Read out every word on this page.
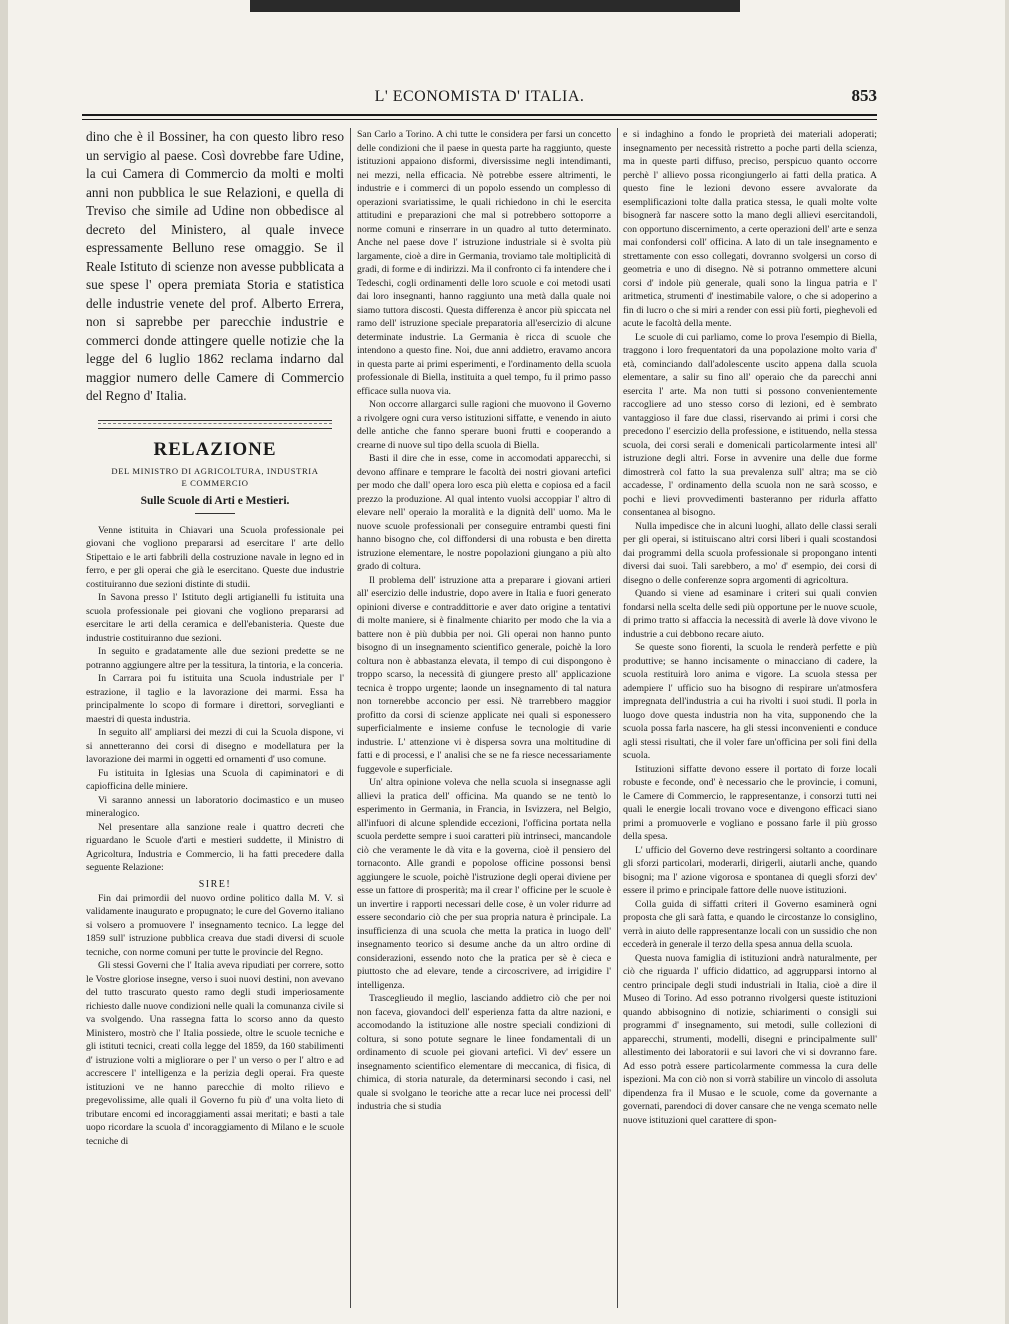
L' ECONOMISTA D' ITALIA.	853

dino che è il Bossiner, ha con questo libro reso un servigio al paese. Così dovrebbe fare Udine, la cui Camera di Commercio da molti e molti anni non pubblica le sue Relazioni, e quella di Treviso che simile ad Udine non obbedisce al decreto del Ministero, al quale invece espressamente Belluno rese omaggio. Se il Reale Istituto di scienze non avesse pubblicata a sue spese l' opera premiata Storia e statistica delle industrie venete del prof. Alberto Errera, non si saprebbe per parecchie industrie e commerci donde attingere quelle notizie che la legge del 6 luglio 1862 reclama indarno dal maggior numero delle Camere di Commercio del Regno d' Italia.

RELAZIONE
DEL MINISTRO DI AGRICOLTURA, INDUSTRIA
E COMMERCIO
Sulle Scuole di Arti e Mestieri.

Venne istituita in Chiavari una Scuola professionale pei giovani che vogliono prepararsi ad esercitare l' arte dello Stipettaio e le arti fabbrili della costruzione navale in legno ed in ferro, e per gli operai che già le esercitano. Queste due industrie costituiranno due sezioni distinte di studii.

In Savona presso l' Istituto degli artigianelli fu istituita una scuola professionale pei giovani che vogliono prepararsi ad esercitare le arti della ceramica e dell'ebanisteria. Queste due industrie costituiranno due sezioni.

In seguito e gradatamente alle due sezioni predette se ne potranno aggiungere altre per la tessitura, la tintoria, e la conceria.

In Carrara poi fu istituita una Scuola industriale per l' estrazione, il taglio e la lavorazione dei marmi. Essa ha principalmente lo scopo di formare i direttori, sorveglianti e maestri di questa industria.

In seguito all' ampliarsi dei mezzi di cui la Scuola dispone, vi si annetteranno dei corsi di disegno e modellatura per la lavorazione dei marmi in oggetti ed ornamenti d' uso comune.

Fu istituita in Iglesias una Scuola di capiminatori e di capiofficina delle miniere.

Vi saranno annessi un laboratorio docimastico e un museo mineralogico.

Nel presentare alla sanzione reale i quattro decreti che riguardano le Scuole d'arti e mestieri suddette, il Ministro di Agricoltura, Industria e Commercio, li ha fatti precedere dalla seguente Relazione:

SIRE!

Fin dai primordii del nuovo ordine politico dalla M. V. sì validamente inaugurato e propugnato; le cure del Governo italiano si volsero a promuovere l' insegnamento tecnico. La legge del 1859 sull' istruzione pubblica creava due stadi diversi di scuole tecniche, con norme comuni per tutte le provincie del Regno.

Gli stessi Governi che l' Italia aveva ripudiati per correre, sotto le Vostre gloriose insegne, verso i suoi nuovi destini, non avevano del tutto trascurato questo ramo degli studi imperiosamente richiesto dalle nuove condizioni nelle quali la comunanza civile si va svolgendo. Una rassegna fatta lo scorso anno da questo Ministero, mostrò che l' Italia possiede, oltre le scuole tecniche e gli istituti tecnici, creati colla legge del 1859, da 160 stabilimenti d' istruzione volti a migliorare o per l' un verso o per l' altro e ad accrescere l' intelligenza e la perizia degli operai. Fra queste istituzioni ve ne hanno parecchie di molto rilievo e pregevolissime, alle quali il Governo fu più d' una volta lieto di tributare encomi ed incoraggiamenti assai meritati; e basti a tale uopo ricordare la scuola d' incoraggiamento di Milano e le scuole tecniche di

San Carlo a Torino. A chi tutte le considera per farsi un concetto delle condizioni che il paese in questa parte ha raggiunto, queste istituzioni appaiono disformi, diversissime negli intendimanti, nei mezzi, nella efficacia. Nè potrebbe essere altrimenti, le industrie e i commerci di un popolo essendo un complesso di operazioni svariatissime, le quali richiedono in chi le esercita attitudini e preparazioni che mal si potrebbero sottoporre a norme comuni e rinserrare in un quadro al tutto determinato. Anche nel paese dove l' istruzione industriale si è svolta più largamente, cioè a dire in Germania, troviamo tale moltiplicità di gradi, di forme e di indirizzi. Ma il confronto ci fa intendere che i Tedeschi, cogli ordinamenti delle loro scuole e coi metodi usati dai loro insegnanti, hanno raggiunto una metà dalla quale noi siamo tuttora discosti. Questa differenza è ancor più spiccata nel ramo dell' istruzione speciale preparatoria all'esercizio di alcune determinate industrie. La Germania è ricca di scuole che intendono a questo fine. Noi, due anni addietro, eravamo ancora in questa parte ai primi esperimenti, e l'ordinamento della scuola professionale di Biella, instituita a quel tempo, fu il primo passo efficace sulla nuova via.

Non occorre allargarci sulle ragioni che muovono il Governo a rivolgere ogni cura verso istituzioni siffatte, e venendo in aiuto delle antiche che fanno sperare buoni frutti e cooperando a crearne di nuove sul tipo della scuola di Biella.

Basti il dire che in esse, come in accomodati apparecchi, si devono affinare e temprare le facoltà dei nostri giovani artefici per modo che dall' opera loro esca più eletta e copiosa ed a facil prezzo la produzione. Al qual intento vuolsi accoppiar l' altro di elevare nell' operaio la moralità e la dignità dell' uomo. Ma le nuove scuole professionali per conseguire entrambi questi fini hanno bisogno che, col diffondersi di una robusta e ben diretta istruzione elementare, le nostre popolazioni giungano a più alto grado di coltura.

Il problema dell' istruzione atta a preparare i giovani artieri all' esercizio delle industrie, dopo avere in Italia e fuori generato opinioni diverse e contraddittorie e aver dato origine a tentativi di molte maniere, si è finalmente chiarito per modo che la via a battere non è più dubbia per noi. Gli operai non hanno punto bisogno di un insegnamento scientifico generale, poichè la loro coltura non è abbastanza elevata, il tempo di cui dispongono è troppo scarso, la necessità di giungere presto all' applicazione tecnica è troppo urgente; laonde un insegnamento di tal natura non tornerebbe acconcio per essi. Nè trarrebbero maggior profitto da corsi di scienze applicate nei quali si esponessero superficialmente e insieme confuse le tecnologie di varie industrie. L' attenzione vi è dispersa sovra una moltitudine di fatti e di processi, e l' analisi che se ne fa riesce necessariamente fuggevole e superficiale.

Un' altra opinione voleva che nella scuola si insegnasse agli allievi la pratica dell' officina. Ma quando se ne tentò lo esperimento in Germania, in Francia, in Isvizzera, nel Belgio, all'infuori di alcune splendide eccezioni, l'officina portata nella scuola perdette sempre i suoi caratteri più intrinseci, mancandole ciò che veramente le dà vita e la governa, cioè il pensiero del tornaconto. Alle grandi e popolose officine possonsi bensì aggiungere le scuole, poichè l'istruzione degli operai diviene per esse un fattore di prosperità; ma il crear l' officine per le scuole è un invertire i rapporti necessari delle cose, è un voler ridurre ad essere secondario ciò che per sua propria natura è principale. La insufficienza di una scuola che metta la pratica in luogo dell' insegnamento teorico si desume anche da un altro ordine di considerazioni, essendo noto che la pratica per sè è cieca e piuttosto che ad elevare, tende a circoscrivere, ad irrigidire l' intelligenza.

Trasceglieudo il meglio, lasciando addietro ciò che per noi non faceva, giovandoci dell' esperienza fatta da altre nazioni, e accomodando la istituzione alle nostre speciali condizioni di coltura, si sono potute segnare le linee fondamentali di un ordinamento di scuole pei giovani artefici. Vi dev' essere un insegnamento scientifico elementare di meccanica, di fisica, di chimica, di storia naturale, da determinarsi secondo i casi, nel quale si svolgano le teoriche atte a recar luce nei processi dell' industria che si studia

e si indaghino a fondo le proprietà dei materiali adoperati; insegnamento per necessità ristretto a poche parti della scienza, ma in queste parti diffuso, preciso, perspicuo quanto occorre perchè l' allievo possa ricongiungerlo ai fatti della pratica. A questo fine le lezioni devono essere avvalorate da esemplificazioni tolte dalla pratica stessa, le quali molte volte bisognerà far nascere sotto la mano degli allievi esercitandoli, con opportuno discernimento, a certe operazioni dell' arte e senza mai confondersi coll' officina. A lato di un tale insegnamento e strettamente con esso collegati, dovranno svolgersi un corso di geometria e uno di disegno. Nè si potranno ommettere alcuni corsi d' indole più generale, quali sono la lingua patria e l' aritmetica, strumenti d' inestimabile valore, o che si adoperino a fin di lucro o che si miri a render con essi più forti, pieghevoli ed acute le facoltà della mente.

Le scuole di cui parliamo, come lo prova l'esempio di Biella, traggono i loro frequentatori da una popolazione molto varia d' età, cominciando dall'adolescente uscito appena dalla scuola elementare, a salir su fino all' operaio che da parecchi anni esercita l' arte. Ma non tutti si possono convenientemente raccogliere ad uno stesso corso di lezioni, ed è sembrato vantaggioso il fare due classi, riservando ai primi i corsi che precedono l' esercizio della professione, e istituendo, nella stessa scuola, dei corsi serali e domenicali particolarmente intesi all' istruzione degli altri. Forse in avvenire una delle due forme dimostrerà col fatto la sua prevalenza sull' altra; ma se ciò accadesse, l' ordinamento della scuola non ne sarà scosso, e pochi e lievi provvedimenti basteranno per ridurla affatto consentanea al bisogno.

Nulla impedisce che in alcuni luoghi, allato delle classi serali per gli operai, si istituiscano altri corsi liberi i quali scostandosi dai programmi della scuola professionale si propongano intenti diversi dai suoi. Tali sarebbero, a mo' d' esempio, dei corsi di disegno o delle conferenze sopra argomenti di agricoltura.

Quando si viene ad esaminare i criteri sui quali convien fondarsi nella scelta delle sedi più opportune per le nuove scuole, di primo tratto si affaccia la necessità di averle là dove vivono le industrie a cui debbono recare aiuto.

Se queste sono fiorenti, la scuola le renderà perfette e più produttive; se hanno incisamente o minacciano di cadere, la scuola restituirà loro anima e vigore. La scuola stessa per adempiere l' ufficio suo ha bisogno di respirare un'atmosfera impregnata dell'industria a cui ha rivolti i suoi studi. Il porla in luogo dove questa industria non ha vita, supponendo che la scuola possa farla nascere, ha gli stessi inconvenienti e conduce agli stessi risultati, che il voler fare un'officina per soli fini della scuola.

Istituzioni siffatte devono essere il portato di forze locali robuste e feconde, ond' è necessario che le provincie, i comuni, le Camere di Commercio, le rappresentanze, i consorzi tutti nei quali le energie locali trovano voce e divengono efficaci siano primi a promuoverle e vogliano e possano farle il più grosso della spesa.

L' ufficio del Governo deve restringersi soltanto a coordinare gli sforzi particolari, moderarli, dirigerli, aiutarli anche, quando bisogni; ma l' azione vigorosa e spontanea di quegli sforzi dev' essere il primo e principale fattore delle nuove istituzioni.

Colla guida di siffatti criteri il Governo esaminerà ogni proposta che gli sarà fatta, e quando le circostanze lo consiglino, verrà in aiuto delle rappresentanze locali con un sussidio che non eccederà in generale il terzo della spesa annua della scuola.

Questa nuova famiglia di istituzioni andrà naturalmente, per ciò che riguarda l' ufficio didattico, ad aggrupparsi intorno al centro principale degli studi industriali in Italia, cioè a dire il Museo di Torino. Ad esso potranno rivolgersi queste istituzioni quando abbisognino di notizie, schiarimenti o consigli sui programmi d' insegnamento, sui metodi, sulle collezioni di apparecchi, strumenti, modelli, disegni e principalmente sull' allestimento dei laboratorii e sui lavori che vi si dovranno fare. Ad esso potrà essere particolarmente commessa la cura delle ispezioni. Ma con ciò non si vorrà stabilire un vincolo di assoluta dipendenza fra il Musao e le scuole, come da governante a governati, parendoci di dover cansare che ne venga scemato nelle nuove istituzioni quel carattere di spon-
